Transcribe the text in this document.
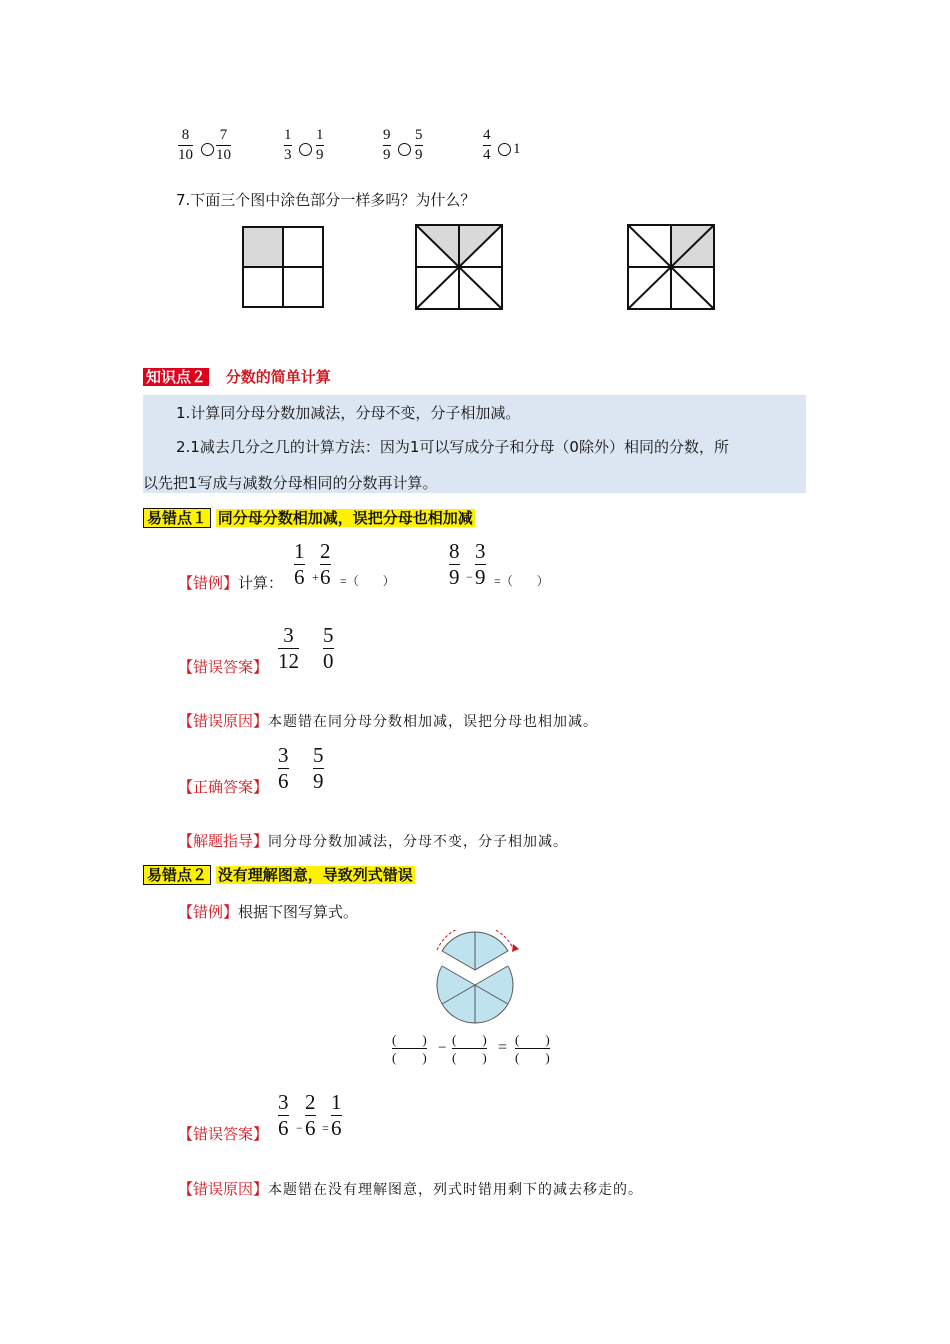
8
10
7
10
1
3
1
9
9
9
5
9
4
4 1
7.下面三个图中涂色部分一样多吗？为什么？
知识点２ 分数的简单计算
1.计算同分母分数加减法，分母不变，分子相加减。
2.1减去几分之几的计算方法：因为1可以写成分子和分母（0除外）相同的分数，所
以先把1写成与减数分母相同的分数再计算。
易错点１ 同分母分数相加减，误把分母也相加减
【错例】计算：
1
6 +
2
6 =（　　）
8
9 −
3
9 =（　　）
【错误答案】
3
12
5
0
【错误原因】本题错在同分母分数相加减，误把分母也相加减。
【正确答案】
3
6
5
9
【解题指导】同分母分数加减法，分母不变，分子相加减。
易错点２ 没有理解图意，导致列式错误
【错例】根据下图写算式。
(　　)
(　　)
−
(　　)
(　　)
= (　　)
(　　)
【错误答案】
3
6 −
2
6 =
1
6
【错误原因】本题错在没有理解图意，列式时错用剩下的减去移走的。
